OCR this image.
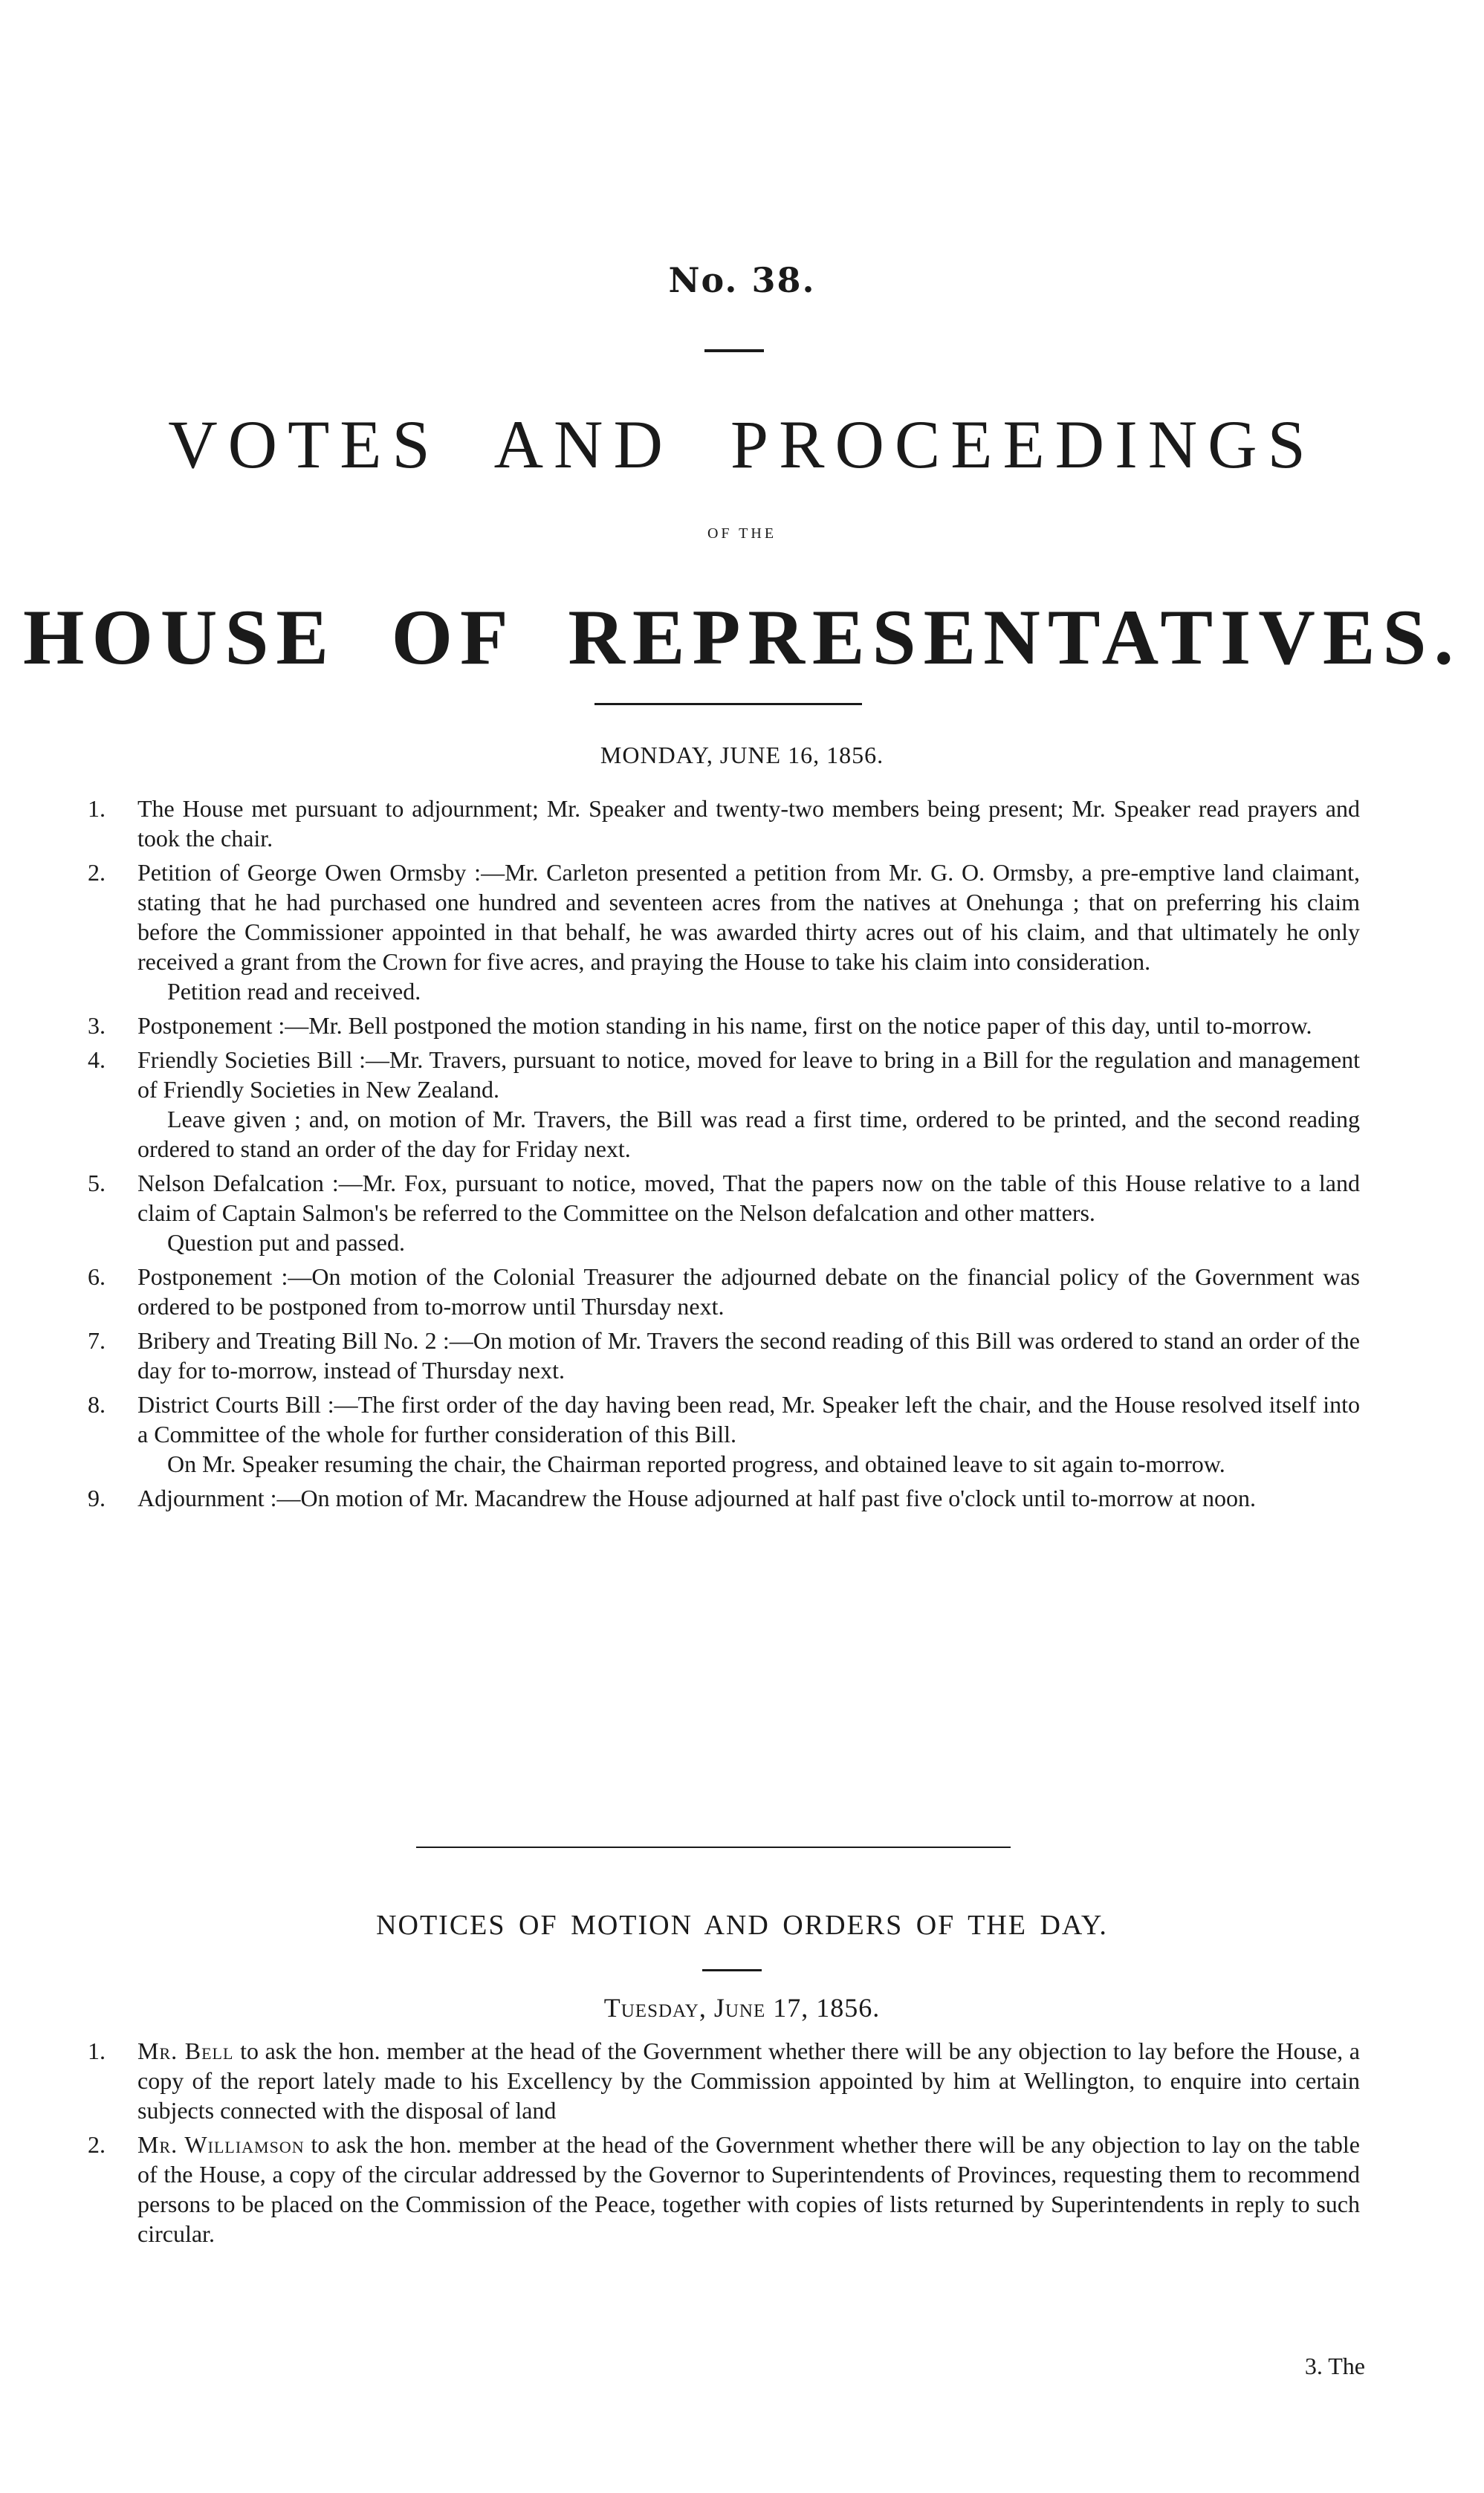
No. 38.
VOTES AND PROCEEDINGS
OF THE
HOUSE OF REPRESENTATIVES.
MONDAY, JUNE 16, 1856.
1. The House met pursuant to adjournment; Mr. Speaker and twenty-two members being present; Mr. Speaker read prayers and took the chair.

2. Petition of George Owen Ormsby :—Mr. Carleton presented a petition from Mr. G. O. Ormsby, a pre-emptive land claimant, stating that he had purchased one hundred and seventeen acres from the natives at Onehunga ; that on preferring his claim before the Commissioner appointed in that behalf, he was awarded thirty acres out of his claim, and that ultimately he only received a grant from the Crown for five acres, and praying the House to take his claim into consideration.

Petition read and received.

3. Postponement :—Mr. Bell postponed the motion standing in his name, first on the notice paper of this day, until to-morrow.

4. Friendly Societies Bill :—Mr. Travers, pursuant to notice, moved for leave to bring in a Bill for the regulation and management of Friendly Societies in New Zealand.

Leave given ; and, on motion of Mr. Travers, the Bill was read a first time, ordered to be printed, and the second reading ordered to stand an order of the day for Friday next.

5. Nelson Defalcation :—Mr. Fox, pursuant to notice, moved, That the papers now on the table of this House relative to a land claim of Captain Salmon's be referred to the Committee on the Nelson defalcation and other matters.

Question put and passed.

6. Postponement :—On motion of the Colonial Treasurer the adjourned debate on the financial policy of the Government was ordered to be postponed from to-morrow until Thursday next.

7. Bribery and Treating Bill No. 2 :—On motion of Mr. Travers the second reading of this Bill was ordered to stand an order of the day for to-morrow, instead of Thursday next.

8. District Courts Bill :—The first order of the day having been read, Mr. Speaker left the chair, and the House resolved itself into a Committee of the whole for further consideration of this Bill.

On Mr. Speaker resuming the chair, the Chairman reported progress, and obtained leave to sit again to-morrow.

9. Adjournment :—On motion of Mr. Macandrew the House adjourned at half past five o'clock until to-morrow at noon.

NOTICES OF MOTION AND ORDERS OF THE DAY.
Tuesday, June 17, 1856.
1. Mr. Bell to ask the hon. member at the head of the Government whether there will be any objection to lay before the House, a copy of the report lately made to his Excellency by the Commission appointed by him at Wellington, to enquire into certain subjects connected with the disposal of land

2. Mr. Williamson to ask the hon. member at the head of the Government whether there will be any objection to lay on the table of the House, a copy of the circular addressed by the Governor to Superintendents of Provinces, requesting them to recommend persons to be placed on the Commission of the Peace, together with copies of lists returned by Superintendents in reply to such circular.

3. The
